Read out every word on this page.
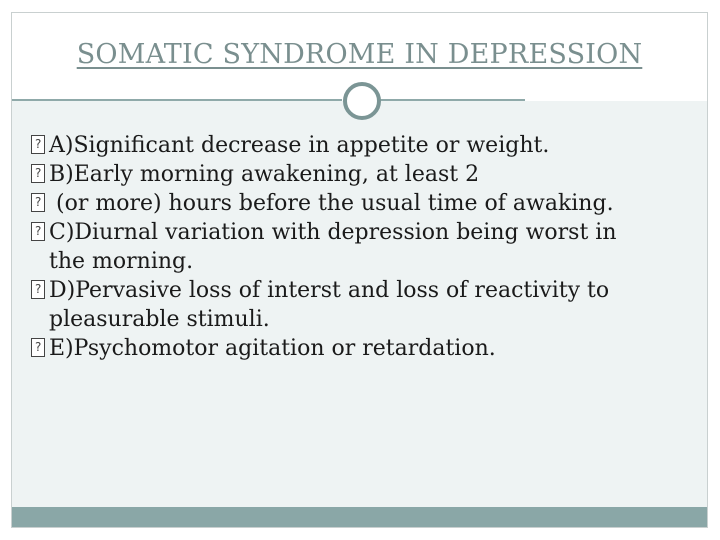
SOMATIC SYNDROME IN DEPRESSION
? A)Significant decrease in appetite or weight.
? B)Early morning awakening, at least 2
? (or more) hours before the usual time of awaking.
? C)Diurnal variation with depression being worst in
the morning.
? D)Pervasive loss of interst and loss of reactivity to
pleasurable stimuli.
? E)Psychomotor agitation or retardation.
